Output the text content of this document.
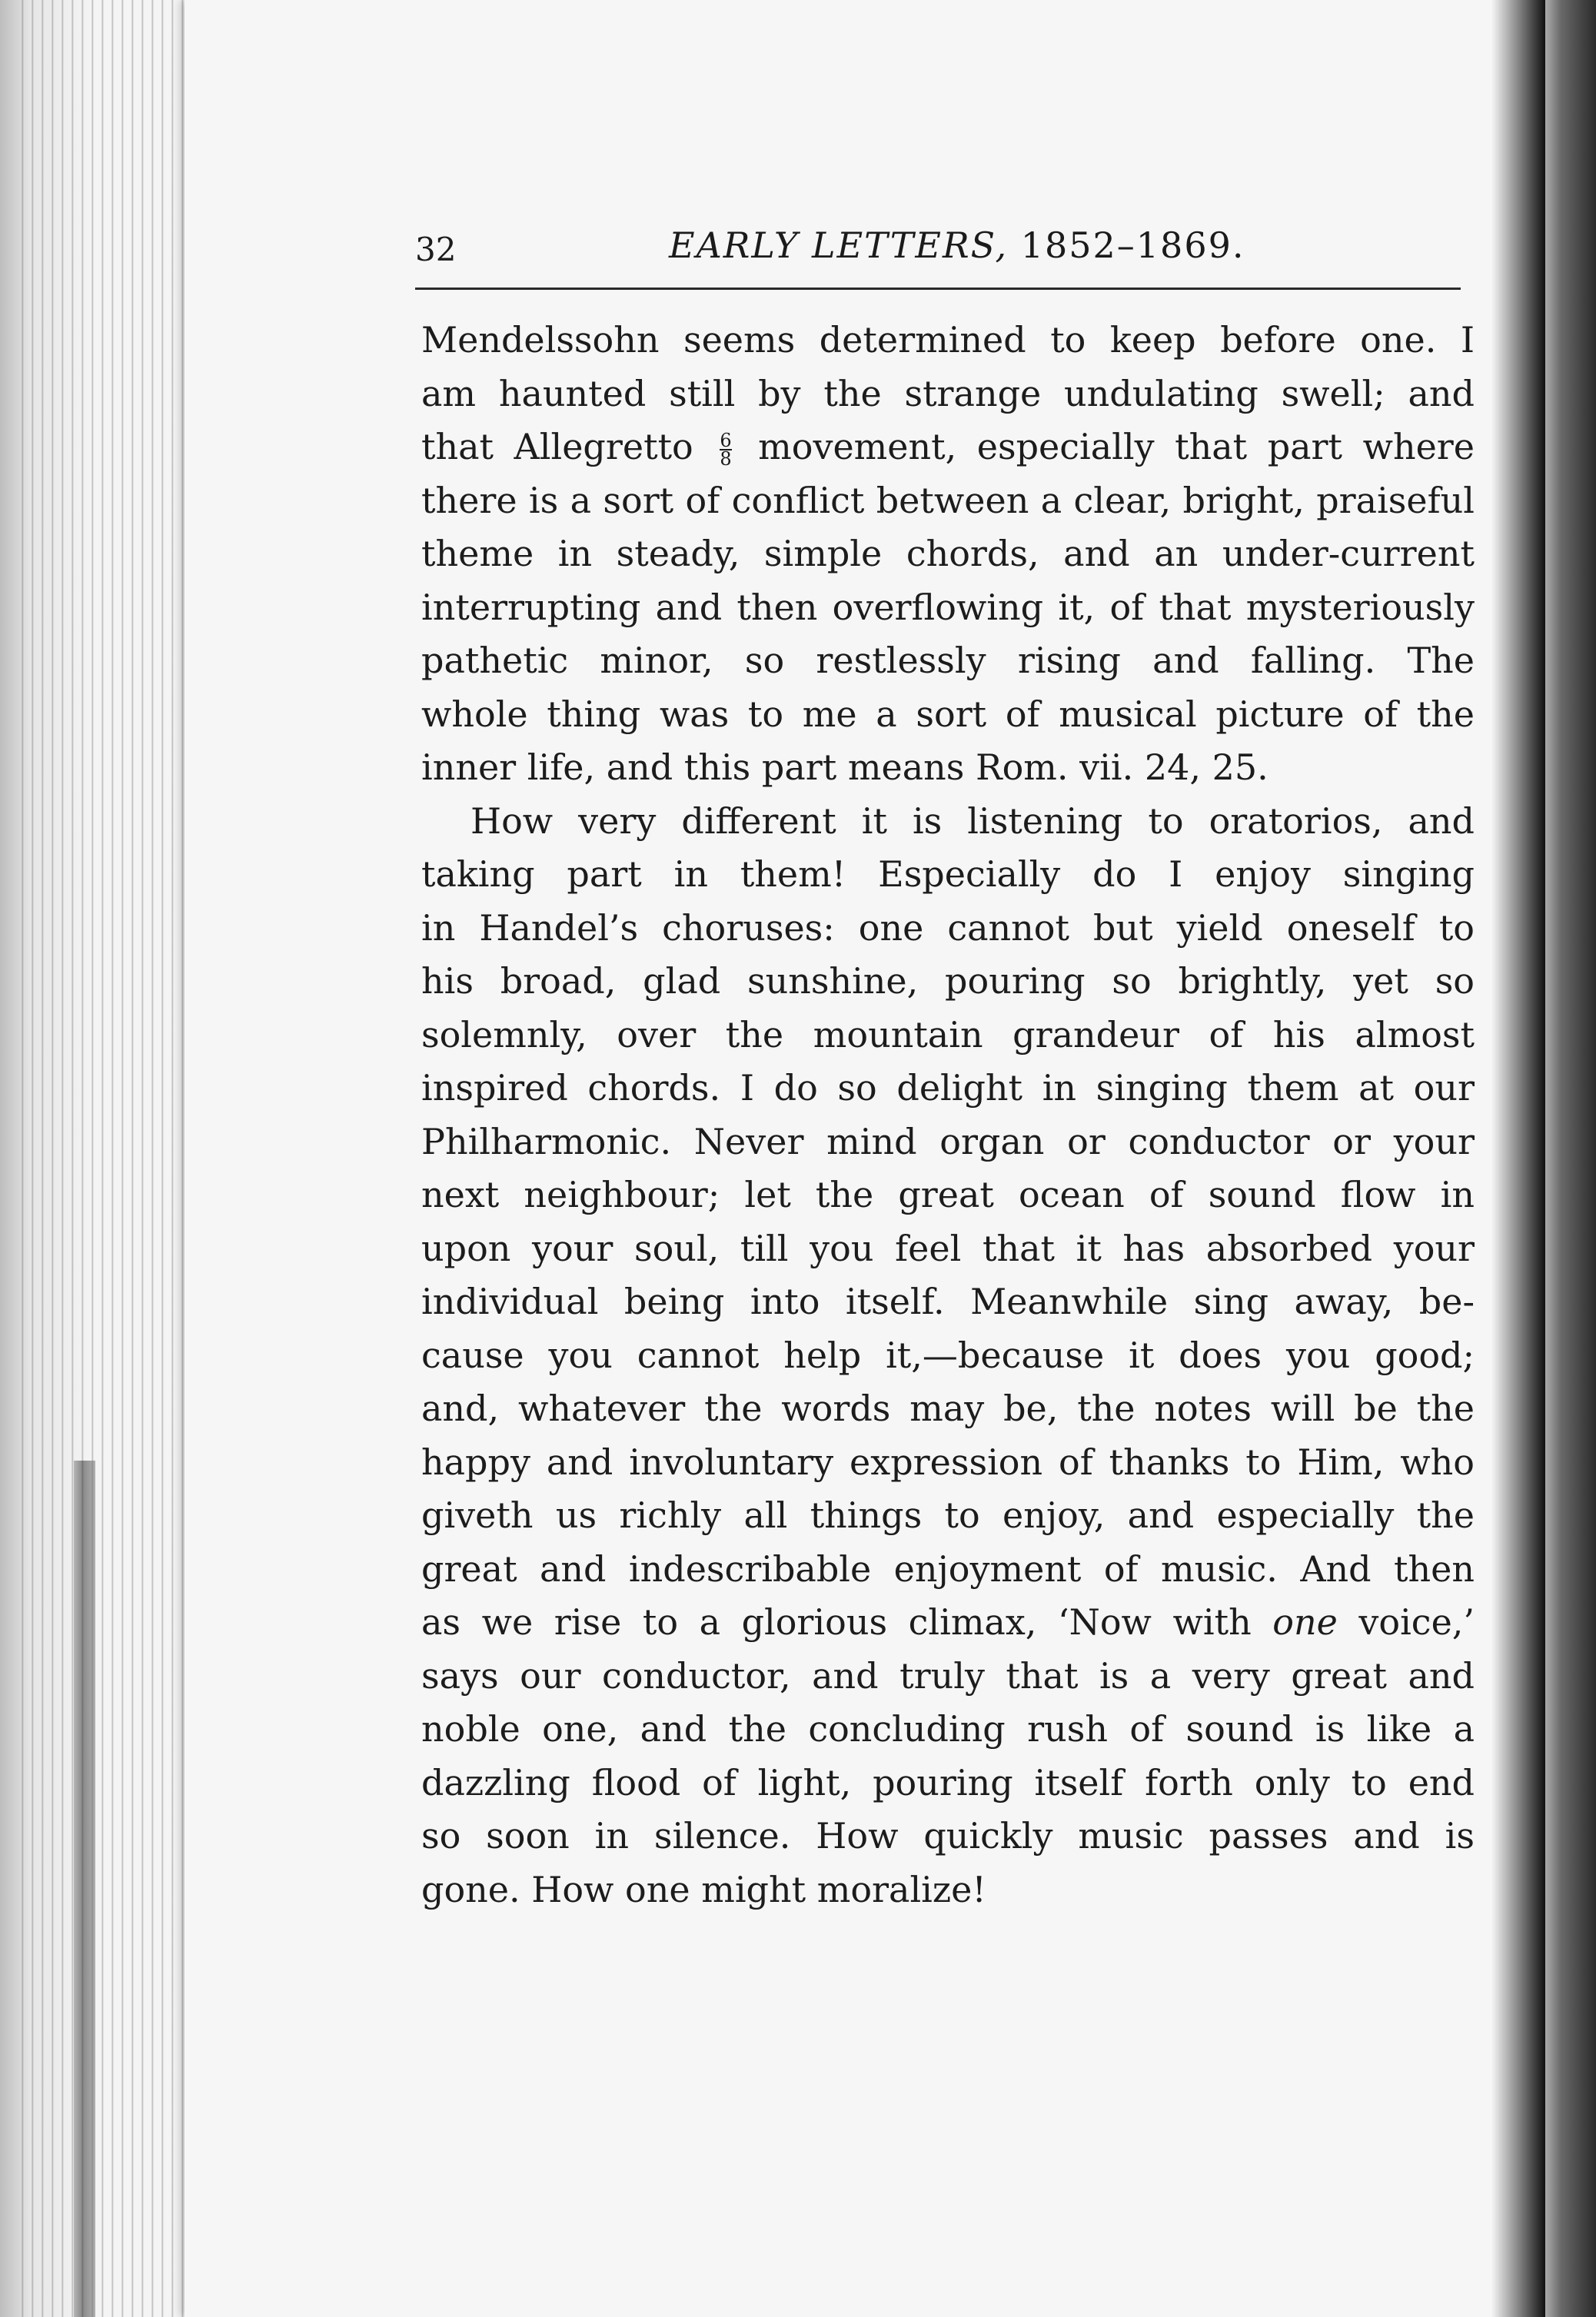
32	EARLY LETTERS, 1852–1869.
Mendelssohn seems determined to keep before one. I
am haunted still by the strange undulating swell; and
that Allegretto $\frac{6}{8}$ movement, especially that part where
there is a sort of conflict between a clear, bright, praiseful
theme in steady, simple chords, and an under-current
interrupting and then overflowing it, of that mysteriously
pathetic minor, so restlessly rising and falling. The
whole thing was to me a sort of musical picture of the
inner life, and this part means Rom. vii. 24, 25.
How very different it is listening to oratorios, and
taking part in them! Especially do I enjoy singing
in Handel’s choruses: one cannot but yield oneself to
his broad, glad sunshine, pouring so brightly, yet so
solemnly, over the mountain grandeur of his almost
inspired chords. I do so delight in singing them at our
Philharmonic. Never mind organ or conductor or your
next neighbour; let the great ocean of sound flow in
upon your soul, till you feel that it has absorbed your
individual being into itself. Meanwhile sing away, be-
cause you cannot help it,—because it does you good;
and, whatever the words may be, the notes will be the
happy and involuntary expression of thanks to Him, who
giveth us richly all things to enjoy, and especially the
great and indescribable enjoyment of music. And then
as we rise to a glorious climax, ‘Now with one voice,’
says our conductor, and truly that is a very great and
noble one, and the concluding rush of sound is like a
dazzling flood of light, pouring itself forth only to end
so soon in silence. How quickly music passes and is
gone. How one might moralize!
